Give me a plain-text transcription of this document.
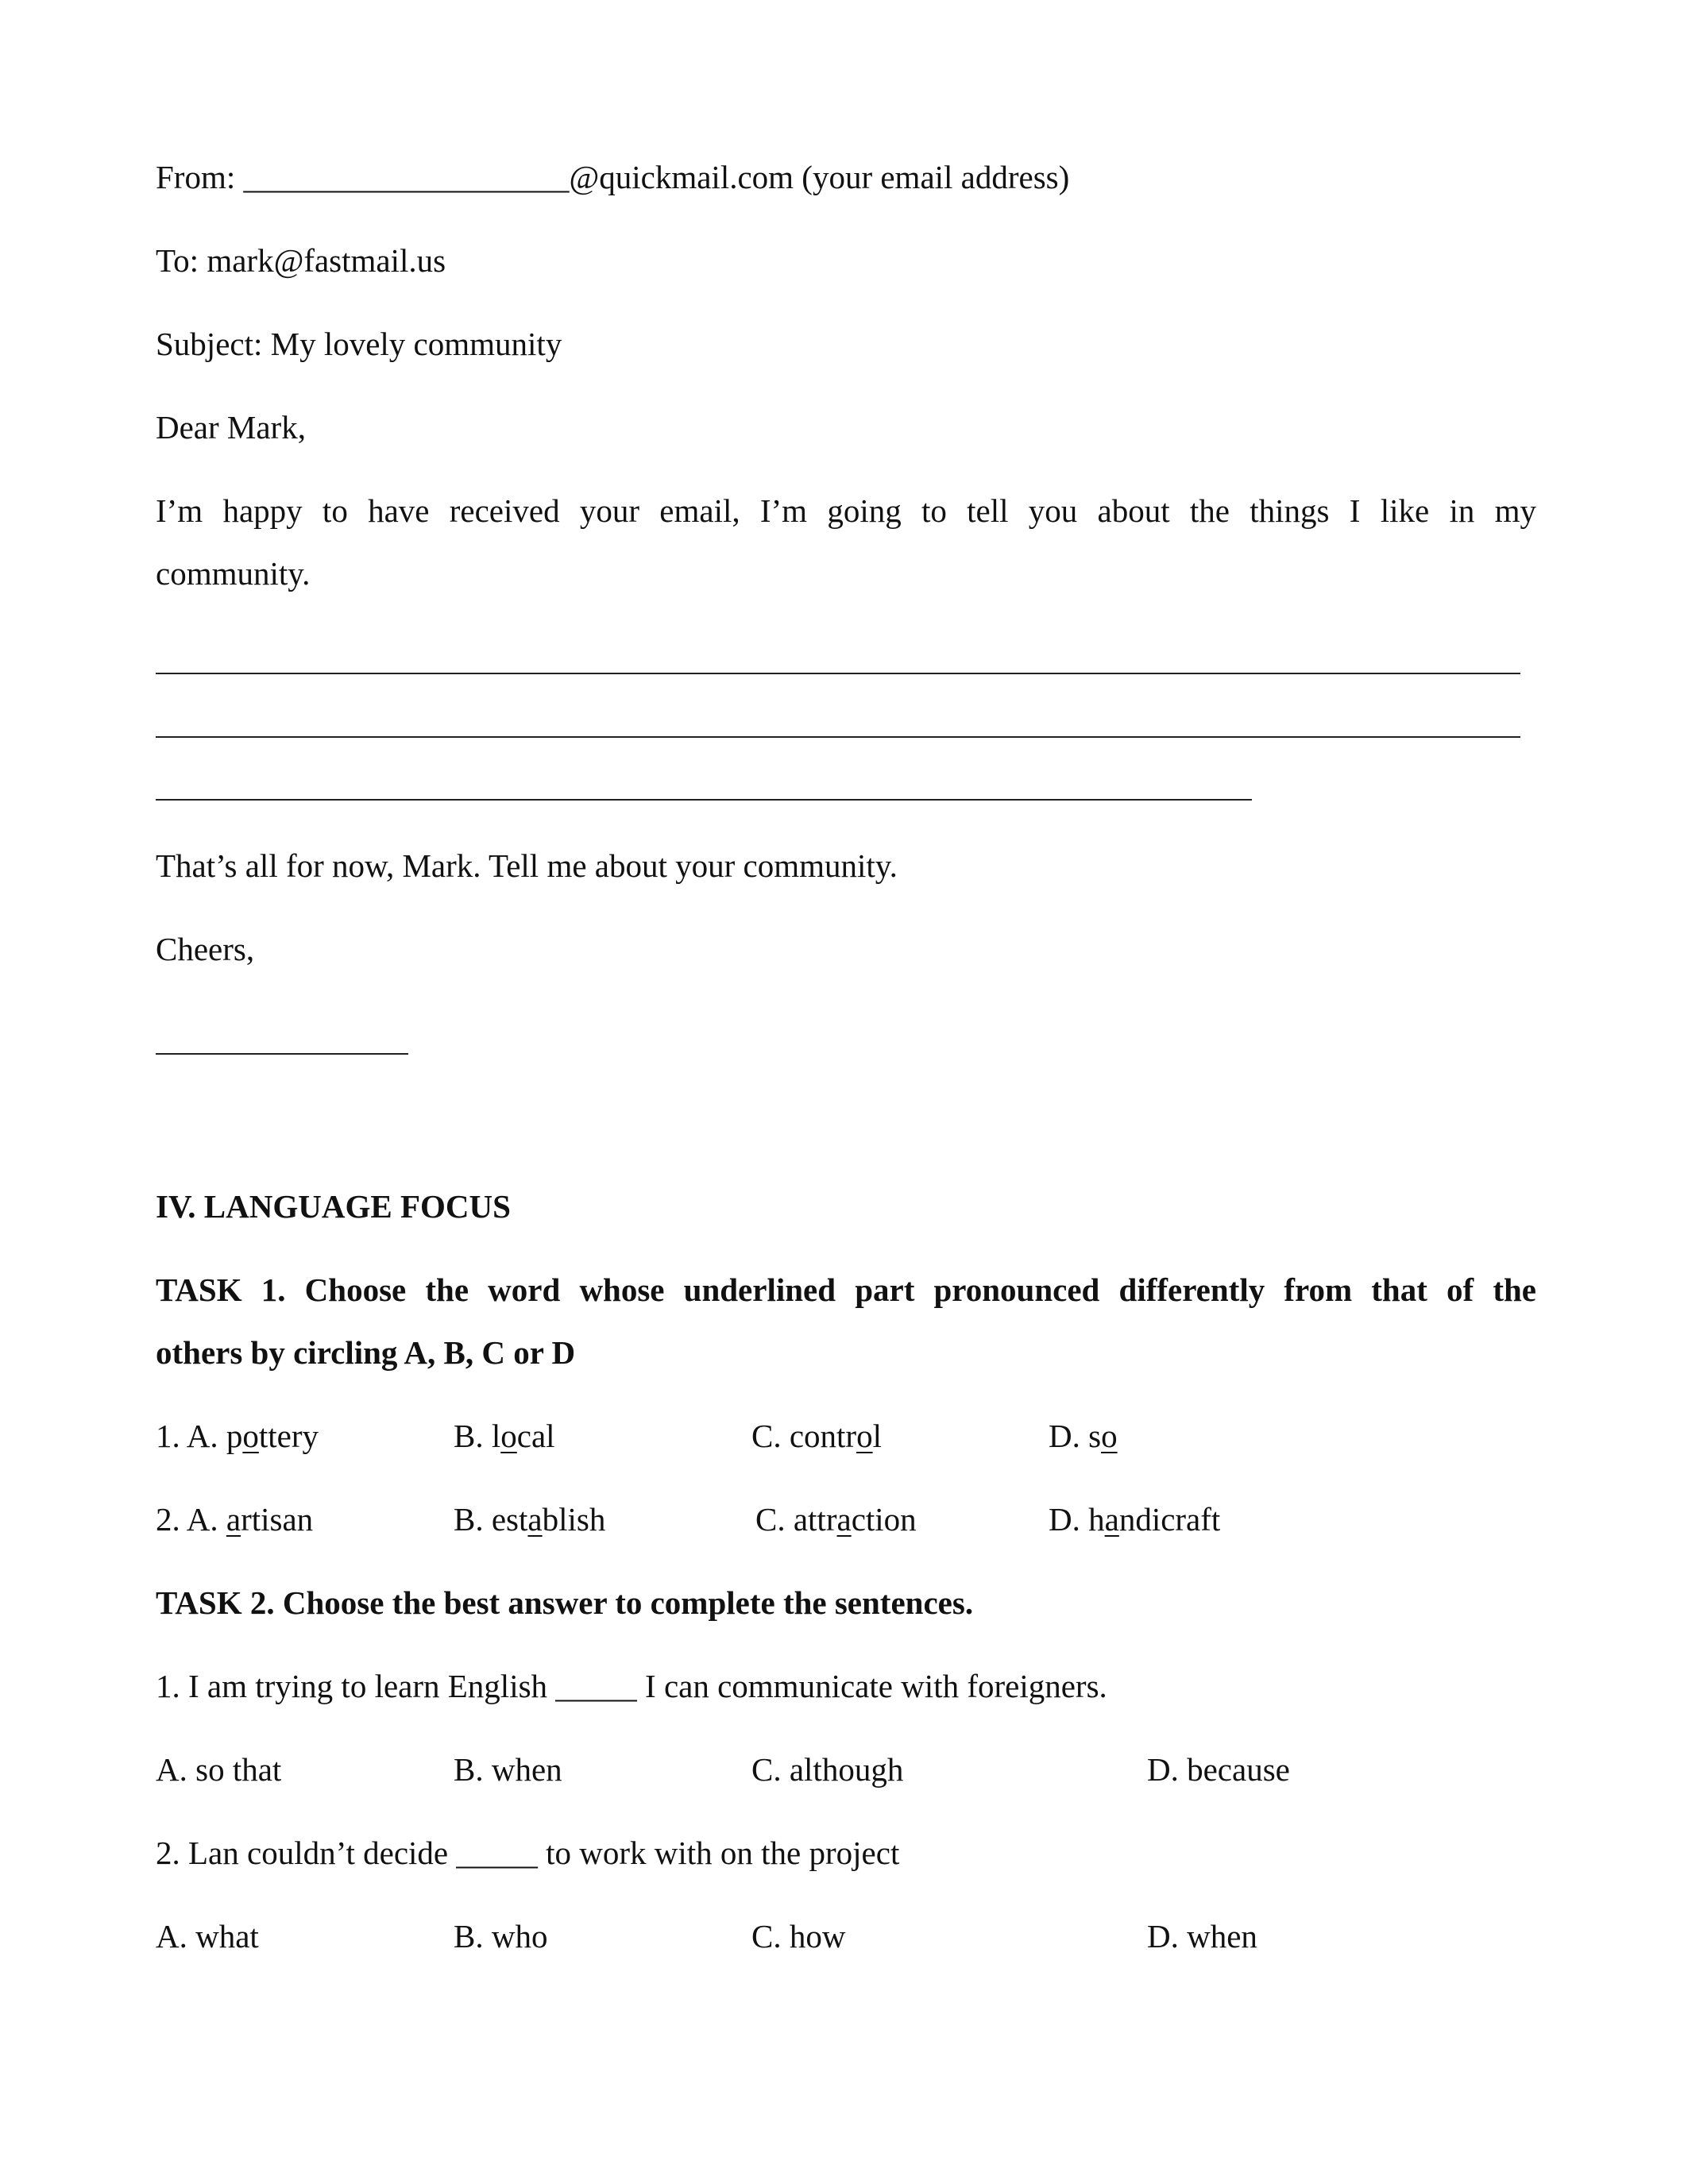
From: ____________________@quickmail.com (your email address)

To: mark@fastmail.us

Subject: My lovely community

Dear Mark,

I’m happy to have received your email, I’m going to tell you about the things I like in my

community.

That’s all for now, Mark. Tell me about your community.

Cheers,

IV. LANGUAGE FOCUS

TASK 1. Choose the word whose underlined part pronounced differently from that of the

others by circling A, B, C or D

1. A. pottery	B. local	C. control	D. so
2. A. artisan	B. establish	C. attraction	D. handicraft

TASK 2. Choose the best answer to complete the sentences.

1. I am trying to learn English _____ I can communicate with foreigners.

A. so that	B. when	C. although	D. because

2. Lan couldn’t decide _____ to work with on the project

A. what	B. who	C. how	D. when
